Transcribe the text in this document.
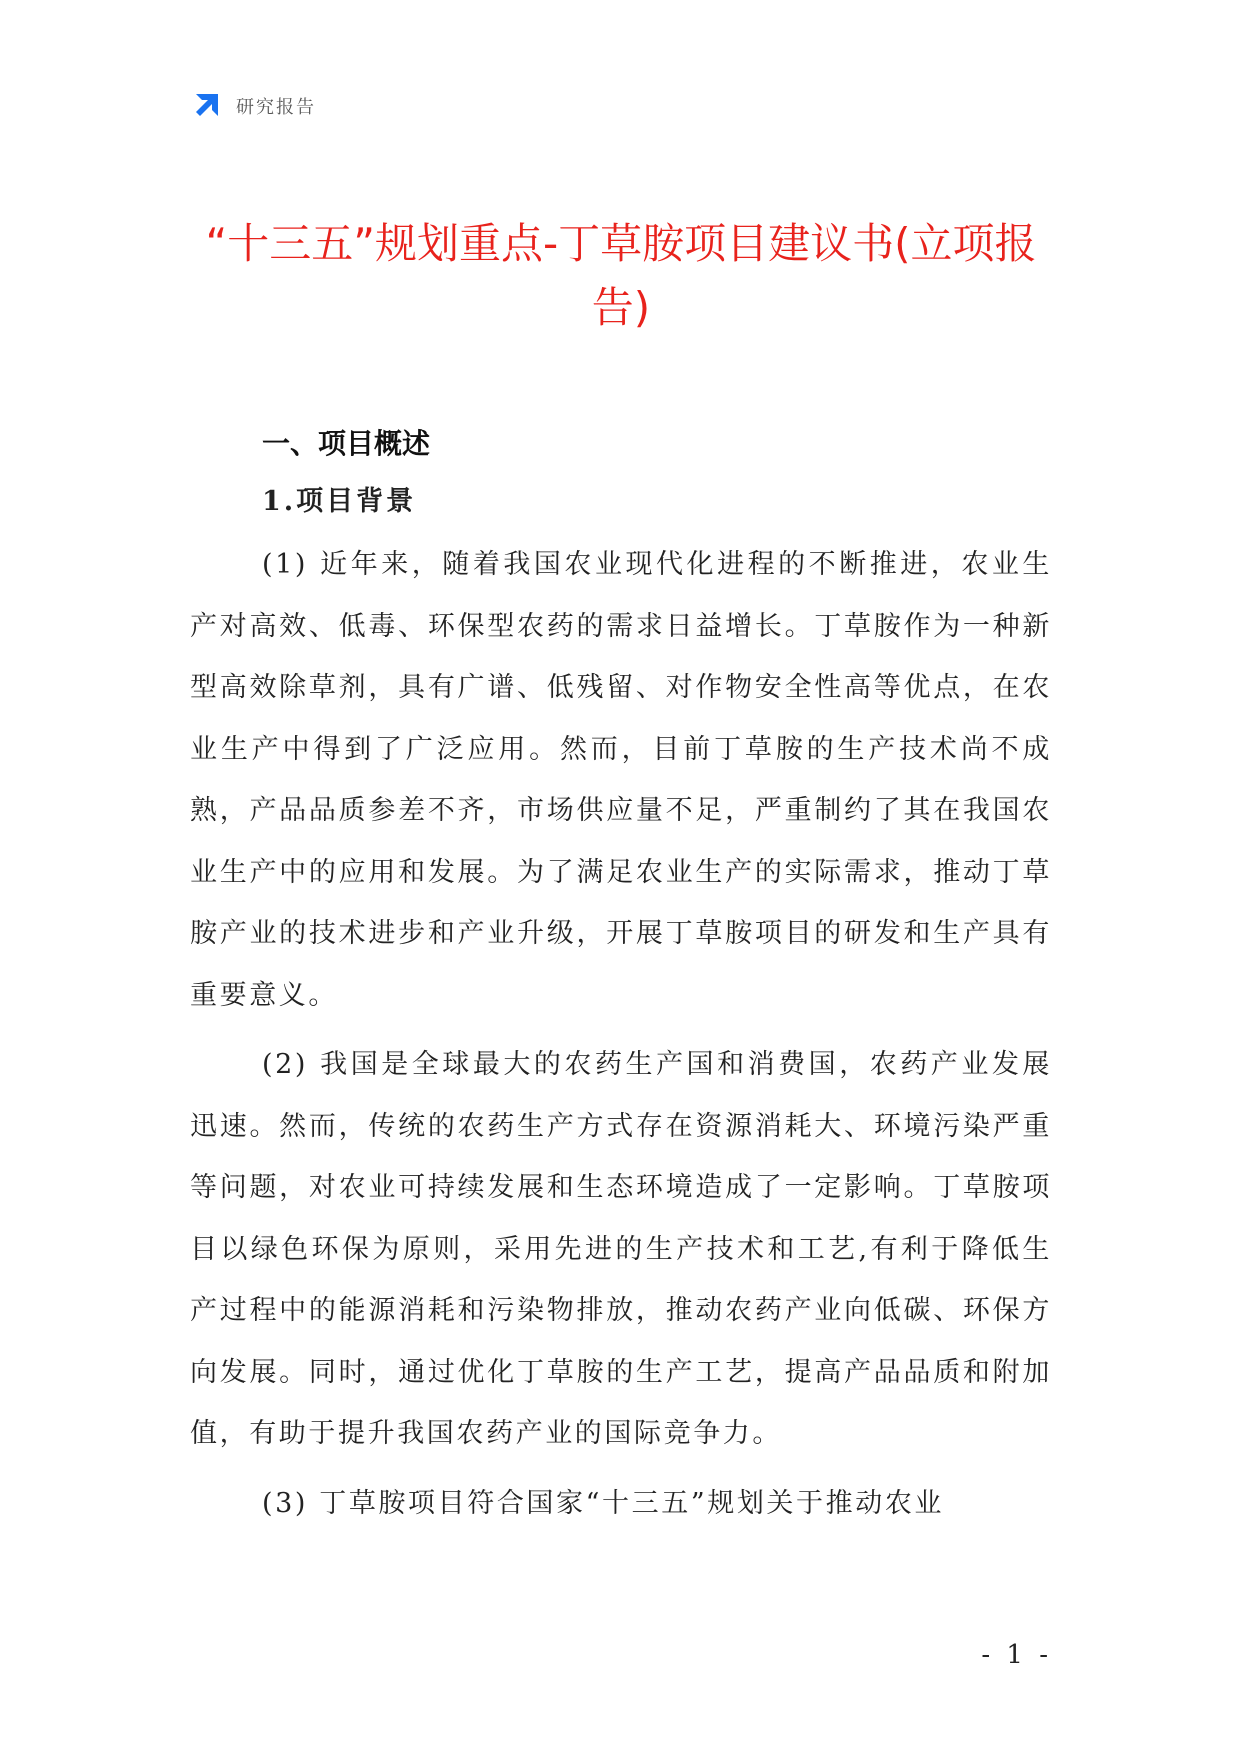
研究报告
“十三五”规划重点-丁草胺项目建议书(立项报告)
一、项目概述
1.项目背景

(1) 近年来，随着我国农业现代化进程的不断推进，农业生产对高效、低毒、环保型农药的需求日益增长。丁草胺作为一种新型高效除草剂，具有广谱、低残留、对作物安全性高等优点，在农业生产中得到了广泛应用。然而，目前丁草胺的生产技术尚不成熟，产品品质参差不齐，市场供应量不足，严重制约了其在我国农业生产中的应用和发展。为了满足农业生产的实际需求，推动丁草胺产业的技术进步和产业升级，开展丁草胺项目的研发和生产具有重要意义。

(2) 我国是全球最大的农药生产国和消费国，农药产业发展迅速。然而，传统的农药生产方式存在资源消耗大、环境污染严重等问题，对农业可持续发展和生态环境造成了一定影响。丁草胺项目以绿色环保为原则，采用先进的生产技术和工艺,有利于降低生产过程中的能源消耗和污染物排放，推动农药产业向低碳、环保方向发展。同时，通过优化丁草胺的生产工艺，提高产品品质和附加值，有助于提升我国农药产业的国际竞争力。

(3) 丁草胺项目符合国家“十三五”规划关于推动农业

- 1 -
